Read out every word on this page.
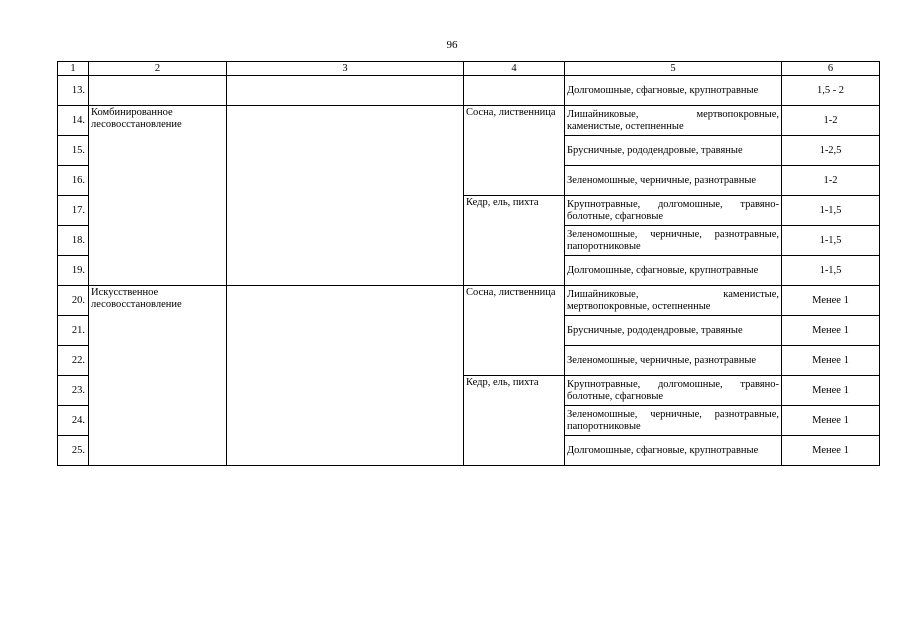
96
1	2	3	4	5	6
13.				Долгомошные, сфагновые, крупнотравные	1,5 - 2
14.	Комбинированное лесовосстановление		Сосна, лиственница	Лишайниковые, мертвопокровные, каменистые, остепненные	1-2
15.				Брусничные, рододендровые, травяные	1-2,5
16.				Зеленомошные, черничные, разнотравные	1-2
17.			Кедр, ель, пихта	Крупнотравные, долгомошные, травяно-болотные, сфагновые	1-1,5
18.				Зеленомошные, черничные, разнотравные, папоротниковые	1-1,5
19.				Долгомошные, сфагновые, крупнотравные	1-1,5
20.	Искусственное лесовосстановление		Сосна, лиственница	Лишайниковые, каменистые, мертвопокровные, остепненные	Менее 1
21.				Брусничные, рододендровые, травяные	Менее 1
22.				Зеленомошные, черничные, разнотравные	Менее 1
23.			Кедр, ель, пихта	Крупнотравные, долгомошные, травяно-болотные, сфагновые	Менее 1
24.				Зеленомошные, черничные, разнотравные, папоротниковые	Менее 1
25.				Долгомошные, сфагновые, крупнотравные	Менее 1
